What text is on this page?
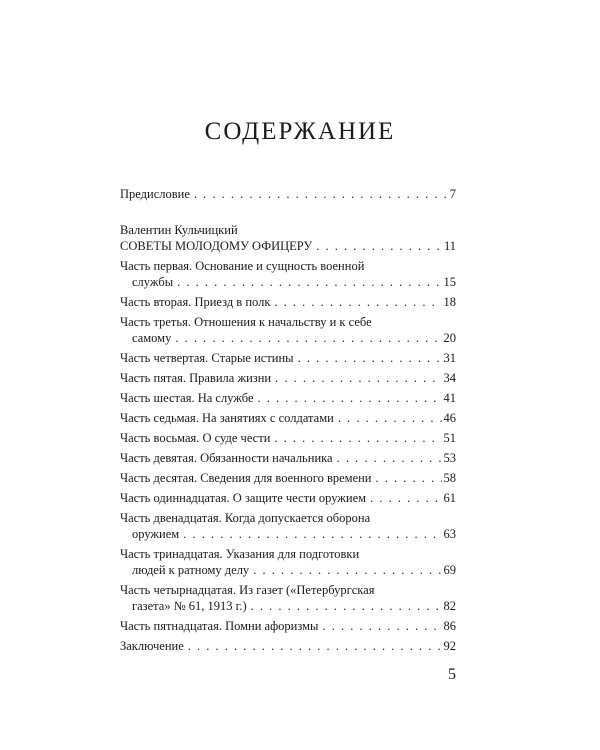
СОДЕРЖАНИЕ
Предисловие . . .	7
Валентин Кульчицкий
СОВЕТЫ МОЛОДОМУ ОФИЦЕРУ . . .	11
Часть первая. Основание и сущность военной
службы . . .	15
Часть вторая. Приезд в полк . . .	18
Часть третья. Отношения к начальству и к себе
самому . . .	20
Часть четвертая. Старые истины . . .	31
Часть пятая. Правила жизни . . .	34
Часть шестая. На службе . . .	41
Часть седьмая. На занятиях с солдатами . . .	46
Часть восьмая. О суде чести . . .	51
Часть девятая. Обязанности начальника . . .	53
Часть десятая. Сведения для военного времени . . .	58
Часть одиннадцатая. О защите чести оружием . . .	61
Часть двенадцатая. Когда допускается оборона
оружием . . .	63
Часть тринадцатая. Указания для подготовки
людей к ратному делу . . .	69
Часть четырнадцатая. Из газет («Петербургская
газета» № 61, 1913 г.) . . .	82
Часть пятнадцатая. Помни афоризмы . . .	86
Заключение . . .	92
5
